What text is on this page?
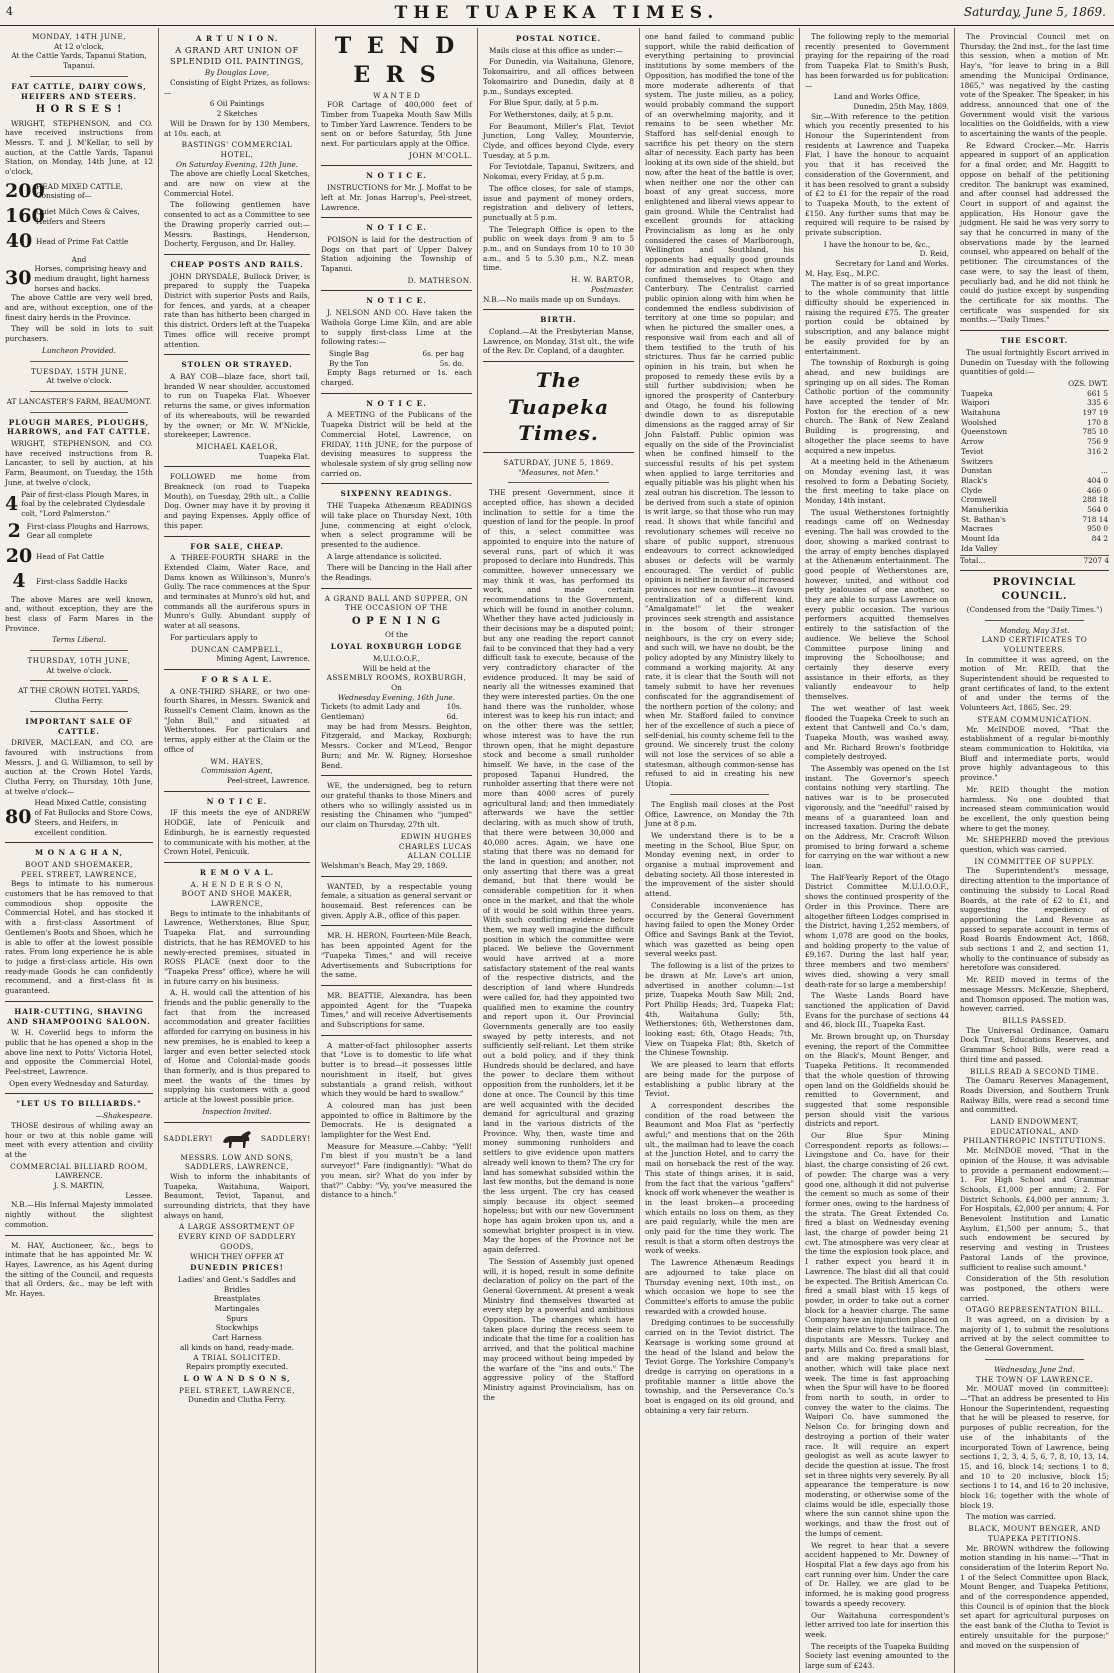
4	THE TUAPEKA TIMES.	Saturday, June 5, 1869.
MONDAY, 14TH JUNE,
At 12 o'clock,
At the Cattle Yards, Tapanui Station, Tapanui.
FAT CATTLE, DAIRY COWS, HEIFERS AND STEERS.
H O R S E S !
WRIGHT, STEPHENSON, and CO. have received instructions from Messrs. T. and J. M'Kellar, to sell by auction, at the Cattle Yards, Tapanui Station, on Monday, 14th June, at 12 o'clock,
200
HEAD MIXED CATTLE, Consisting of—
160
Quiet Milch Cows & Calves, Heifers and Steers
40 Head of Prime Fat Cattle
And
30 Horses, comprising heavy and medium draught, light harness horses and hacks.
The above Cattle are very well bred, and are, without exception, one of the finest dairy herds in the Province.
They will be sold in lots to suit purchasers.
Luncheon Provided.
TUESDAY, 15TH JUNE,
At twelve o'clock.
AT LANCASTER'S FARM, BEAUMONT.
PLOUGH MARES, PLOUGHS, HARROWS, and FAT CATTLE.
WRIGHT, STEPHENSON, and CO. have received instructions from R. Lancaster, to sell by auction, at his Farm, Beaumont, on Tuesday, the 15th June, at twelve o'clock,
4 Pair of first-class Plough Mares, in foal by the celebrated Clydesdale colt, "Lord Palmerston."
2 First-class Ploughs and Harrows, Gear all complete
20 Head of Fat Cattle
4	First-class Saddle Hacks
The above Mares are well known, and, without exception, they are the best class of Farm Mares in the Province.
Terms Liberal.
THURSDAY, 10TH JUNE,
At twelve o'clock.
AT THE CROWN HOTEL YARDS, Clutha Ferry.
IMPORTANT SALE OF CATTLE.
DRIVER, MACLEAN, and CO. are favoured with instructions from Messrs. J. and G. Williamson, to sell by auction at the Crown Hotel Yards, Clutha Ferry, on Thursday, 10th June, at twelve o'clock—
80
Head Mixed Cattle, consisting of Fat Bullocks and Store Cows, Steers, and Heifers, in excellent condition.
M O N A G H A N,
BOOT AND SHOEMAKER,
PEEL STREET, LAWRENCE,
Begs to intimate to his numerous customers that he has removed to that commodious shop opposite the Commercial Hotel, and has stocked it with a first-class Assortment of Gentlemen's Boots and Shoes, which he is able to offer at the lowest possible rates. From long experience he is able to judge a first-class article. His own ready-made Goods he can confidently recommend, and a first-class fit is guaranteed.
HAIR-CUTTING, SHAVING AND SHAMPOOING SALOON.
W. H. Coverlid begs to inform the public that he has opened a shop in the above line next to Potts' Victoria Hotel, and opposite the Commercial Hotel, Peel-street, Lawrence.
Open every Wednesday and Saturday.
"LET US TO BILLIARDS."
—Shakespeare.
THOSE desirous of whiling away an hour or two at this noble game will meet with every attention and civility at the
COMMERCIAL BILLIARD ROOM,
LAWRENCE.
J. S. MARTIN,
Lessee.
N.B.—His Infernal Majesty immolated nightly without the slightest commotion.
M. HAY, Auctioneer, &c., begs to intimate that he has appointed Mr. W. Hayes, Lawrence, as his Agent during the sitting of the Council, and requests that all Orders, &c., may be left with Mr. Hayes.
A R T U N I O N.
A GRAND ART UNION OF SPLENDID OIL PAINTINGS,
By Douglas Love,
Consisting of Eight Prizes, as follows:—
6 Oil Paintings
2 Sketches
Will be Drawn for by 130 Members, at 10s. each, at
BASTINGS' COMMERCIAL HOTEL,
On Saturday Evening, 12th June.
The above are chiefly Local Sketches, and are now on view at the Commercial Hotel.
The following gentlemen have consented to act as a Committee to see the Drawing properly carried out:—Messrs. Bastings, Henderson, Docherty, Ferguson, and Dr. Halley.
CHEAP POSTS AND RAILS.
JOHN DRYSDALE, Bullock Driver, is prepared to supply the Tuapeka District with superior Posts and Rails, for fences, and yards, at a cheaper rate than has hitherto been charged in this district. Orders left at the Tuapeka Times office will receive prompt attention.
STOLEN OR STRAYED.
A BAY COB—blaze face, short tail, branded W near shoulder, accustomed to run on Tuapeka Flat. Whoever returns the same, or gives information of its whereabouts, will be rewarded by the owner; or Mr. W. M'Nickle, storekeeper, Lawrence.
MICHAEL KAELOR,
Tuapeka Flat.
FOLLOWED me home from Breakneck (on road to Tuapeka Mouth), on Tuesday, 29th ult., a Collie Dog. Owner may have it by proving it and paying Expenses. Apply office of this paper.
FOR SALE, CHEAP.
A THREE-FOURTH SHARE in the Extended Claim, Water Race, and Dams known as Wilkinson's, Munro's Gully. The race commences at the Spur and terminates at Munro's old hut, and commands all the auriferous spurs in Munro's Gully. Abundant supply of water at all seasons.
For particulars apply to
DUNCAN CAMPBELL,
Mining Agent, Lawrence.
F O R S A L E.
A ONE-THIRD SHARE, or two one-fourth Shares, in Messrs. Swanick and Russell's Cement Claim, known as the "John Bull," and situated at Wetherstones. For particulars and terms, apply either at the Claim or the office of
WM. HAYES,
Commission Agent,
Peel-street, Lawrence.
N O T I C E.
IF this meets the eye of ANDREW HODGE, late of Penicuik and Edinburgh, he is earnestly requested to communicate with his mother, at the Crown Hotel, Penicuik.
R E M O V A L.
A. H E N D E R S O N,
BOOT AND SHOE MAKER,
LAWRENCE,
Begs to intimate to the inhabitants of Lawrence, Wetherstones, Blue Spur, Tuapeka Flat, and surrounding districts, that he has REMOVED to his newly-erected premises, situated in ROSS PLACE (next door to the "Tuapeka Press" office), where he will in future carry on his business.
A. H. would call the attention of his friends and the public generally to the fact that from the increased accommodation and greater facilities afforded for carrying on business in his new premises, he is enabled to keep a larger and even better selected stock of Home and Colonial-made goods than formerly, and is thus prepared to meet the wants of the times by supplying his customers with a good article at the lowest possible price.
Inspection Invited.
SADDLERY!	SADDLERY!
MESSRS. LOW AND SONS, SADDLERS, LAWRENCE,
Wish to inform the inhabitants of Tuapeka, Waitahuna, Waipori, Beaumont, Teviot, Tapanui, and surrounding districts, that they have always on hand,
A LARGE ASSORTMENT OF EVERY KIND OF SADDLERY GOODS,
WHICH THEY OFFER AT
DUNEDIN PRICES!
Ladies' and Gent.'s Saddles and Bridles
Breastplates
Martingales
Spurs
Stockwhips
Cart Harness
all kinds on hand, ready-made.
A TRIAL SOLICITED.
Repairs promptly executed.
L O W A N D S O N S,
PEEL STREET, LAWRENCE,
Dunedin and Clutha Ferry.
T E N D E R S
W A N T E D
FOR Cartage of 400,000 feet of Timber from Tuapeka Mouth Saw Mills to Timber Yard Lawrence. Tenders to be sent on or before Saturday, 5th June next. For particulars apply at the Office.
JOHN M'COLL.
N O T I C E.
INSTRUCTIONS for Mr. J. Moffat to be left at Mr. Jonas Harrop's, Peel-street, Lawrence.
N O T I C E.
POISON is laid for the destruction of Dogs on that part of Upper Dalvey Station adjoining the Township of Tapanui.
D. MATHESON.
N O T I C E.
J. NELSON AND CO. Have taken the Waihola Gorge Lime Kiln, and are able to supply first-class Lime at the following rates:—
Single Bag	6s. per bag
By the Ton	5s. do.
Empty Bags returned or 1s. each charged.
N O T I C E.
A MEETING of the Publicans of the Tuapeka District will be held at the Commercial Hotel, Lawrence, on FRIDAY, 11th JUNE, for the purpose of devising measures to suppress the wholesale system of sly grog selling now carried on.
SIXPENNY READINGS.
THE Tuapeka Athenæum READINGS will take place on Thursday Next, 10th June, commencing at eight o'clock, when a select programme will be presented to the audience.
A large attendance is solicited.
There will be Dancing in the Hall after the Readings.
A GRAND BALL AND SUPPER, ON THE OCCASION OF THE
O P E N I N G
Of the
LOYAL ROXBURGH LODGE
M.U.I.O.O.F.,
Will be held at the
ASSEMBLY ROOMS, ROXBURGH,
On
Wednesday Evening, 16th June.
Tickets (to admit Lady and Gentleman)
10s. 6d.
may be had from Messrs. Beighton, Fitzgerald, and Mackay, Roxburgh; Messrs. Cocker and M'Leod, Bengor Burn; and Mr. W. Rigney, Horseshoe Bend.
WE, the undersigned, beg to return our grateful thanks to those Miners and others who so willingly assisted us in resisting the Chinamen who "jumped" our claim on Thursday, 27th ult.
EDWIN HUGHES
CHARLES LUCAS
ALLAN COLLIE
Welshman's Beach, May 29, 1869.
WANTED, by a respectable young female, a situation as general servant or housemaid. Best references can be given. Apply A.B., office of this paper.
MR. H. HERON, Fourteen-Mile Beach, has been appointed Agent for the "Tuapeka Times," and will receive Advertisements and Subscriptions for the same.
MR. BEATTIE, Alexandra, has been appointed Agent for the "Tuapeka Times," and will receive Advertisements and Subscriptions for same.
A matter-of-fact philosopher asserts that "Love is to domestic to life what butter is to bread—it possesses little nourishment in itself, but gives substantials a grand relish, without which they would be hard to swallow."
A coloured man has just been appointed to office in Baltimore by the Democrats. He is designated a lamplighter for the West End.
Measure for Measure.—Cabby: "Yell! I'm blest if you mustn't be a land surveyor!" Fare (indignantly): "What do you mean, sir? What do you infer by that?" Cabby: "Vy, you've measured the distance to a hinch."
POSTAL NOTICE.
Mails close at this office as under:—
For Dunedin, via Waitahuna, Glenore, Tokomairiro, and all offices between Tokomairiro and Dunedin, daily at 8 p.m., Sundays excepted.
For Blue Spur, daily, at 5 p.m.
For Wetherstones, daily, at 5 p.m.
For Beaumont, Miller's Flat, Teviot Junction, Long Valley, Mountervie, Clyde, and offices beyond Clyde, every Tuesday, at 5 p.m.
For Teviotdale, Tapanui, Switzers, and Nokomai, every Friday, at 5 p.m.
The office closes, for sale of stamps, issue and payment of money orders, registration and delivery of letters, punctually at 5 p.m.
The Telegraph Office is open to the public on week days from 9 am to 5 p.m., and on Sundays from 10 to 10 30 a.m., and 5 to 5.30 p.m., N.Z. mean time.
H. W. BARTOR,
Postmaster.
N.B.—No mails made up on Sundays.
BIRTH.
Copland.—At the Presbyterian Manse, Lawrence, on Monday, 31st ult., the wife of the Rev. Dr. Copland, of a daughter.
The Tuapeka Times.
SATURDAY, JUNE 5, 1869.
"Measures, not Men."
THE present Government, since it accepted office, has shown a decided inclination to settle for a time the question of land for the people. In proof of this, a select committee was appointed to enquire into the nature of several runs, part of which it was proposed to declare into Hundreds. This committee, however unnecessary we may think it was, has performed its work, and made certain recommendations to the Government, which will be found in another column. Whether they have acted judiciously in their decisions may be a disputed point; but any one reading the report cannot fail to be convinced that they had a very difficult task to execute, because of the very contradictory character of the evidence produced. It may be said of nearly all the witnesses examined that they were interested parties. On the one hand there was the runholder, whose interest was to keep his run intact; and on the other there was the settler, whose interest was to have the run thrown open, that he might depasture stock and become a small runholder himself. We have, in the case of the proposed Tapanui Hundred, the runholder asserting that there were not more than 4000 acres of purely agricultural land; and then immediately afterwards we have the settler declaring, with as much show of truth, that there were between 30,000 and 40,000 acres. Again, we have one stating that there was no demand for the land in question; and another, not only asserting that there was a great demand, but that there would be considerable competition for it when once in the market, and that the whole of it would be sold within three years. With such conflicting evidence before them, we may well imagine the difficult position in which the committee were placed. We believe the Government would have arrived at a more satisfactory statement of the real wants of the respective districts, and the description of land where Hundreds were called for, had they appointed two qualified men to examine the country and report upon it. Our Provincial Governments generally are too easily swayed by petty interests, and not sufficiently self-reliant. Let them strike out a bold policy, and if they think Hundreds should be declared, and have the power to declare them without opposition from the runholders, let it be done at once. The Council by this time are well acquainted with the decided demand for agricultural and grazing land in the various districts of the Province. Why, then, waste time and money summoning runholders and settlers to give evidence upon matters already well known to them? The cry for land has somewhat subsided within the last few months, but the demand is none the less urgent. The cry has ceased simply because its object seemed hopeless; but with our new Government hope has again broken upon us, and a somewhat brighter prospect is in view. May the hopes of the Province not be again deferred.
The Session of Assembly just opened will, it is hoped, result in some definite declaration of policy on the part of the General Government. At present a weak Ministry find themselves thwarted at every step by a powerful and ambitious Opposition. The changes which have taken place during the recess seem to indicate that the time for a coalition has arrived, and that the political machine may proceed without being impeded by the warfare of the "ins and outs." The aggressive policy of the Stafford Ministry against Provincialism, has on the
one hand failed to command public support, while the rabid deification of everything pertaining to provincial institutions by some members of the Opposition, has modified the tone of the more moderate adherents of that system. The juste milieu, as a policy, would probably command the support of an overwhelming majority, and it remains to be seen whether Mr. Stafford has self-denial enough to sacrifice his pet theory on the stern altar of necessity. Each party has been looking at its own side of the shield, but now, after the heat of the battle is over, when neither one nor the other can boast of any great success, more enlightened and liberal views appear to gain ground. While the Centralist had excellent grounds for attacking Provincialism as long as he only considered the cases of Marlborough, Wellington and Southland, his opponents had equally good grounds for admiration and respect when they confined themselves to Otago and Canterbury. The Centralist carried public opinion along with him when he condemned the endless subdivision of territory at one time so popular; and when he pictured the smaller ones, a responsive wail from each and all of them testified to the truth of his strictures. Thus far he carried public opinion in his train, but when he proposed to remedy these evils by a still further subdivision; when he ignored the prosperity of Canterbury and Otago, he found his following dwindle down to as disreputable dimensions as the ragged array of Sir John Falstaff. Public opinion was equally on the side of the Provincialist when he confined himself to the successful results of his pet system when applied to large territories and equally pitiable was his plight when his zeal outran his discretion. The lesson to be derived from such a state of opinion is writ large, so that those who run may read. It shows that while fanciful and revolutionary schemes will receive no share of public support, strenuous endeavours to correct acknowledged abuses or defects will be warmly encouraged. The verdict of public opinion is neither in favour of increased provinces nor new counties—it favours centralization of a different kind. "Amalgamate!" let the weaker provinces seek strength and assistance in the bosom of their stronger neighbours, is the cry on every side; and such will, we have no doubt, be the policy adopted by any Ministry likely to command a working majority. At any rate, it is clear that the South will not tamely submit to have her revenues confiscated for the aggrandisement of the northern portion of the colony; and when Mr. Stafford failed to convince her of the excellence of such a piece of self-denial, his county scheme fell to the ground. We sincerely trust the colony will not lose the services of so able a statesman, although common-sense has refused to aid in creating his new Utopia.
The English mail closes at the Post Office, Lawrence, on Monday the 7th June at 8 p.m.
We understand there is to be a meeting in the School, Blue Spur, on Monday evening next, in order to organise a mutual improvement and debating society. All those interested in the improvement of the sister should attend.
Considerable inconvenience has occurred by the General Government having failed to open the Money Order Office and Savings Bank at the Teviot, which was gazetted as being open several weeks past.
The following is a list of the prizes to be drawn at Mr. Love's art union, advertised in another column:—1st prize, Tuapeka Mouth Saw Mill; 2nd, Port Phillip Heads; 3rd, Tuapeka Flat; 4th, Waitahuna Gully; 5th, Wetherstones; 6th, Wetherstones dam, looking east; 6th, Otago Heads; 7th, View on Tuapeka Flat; 8th, Sketch of the Chinese Township.
We are pleased to learn that efforts are being made for the purpose of establishing a public library at the Teviot.
A correspondent describes the condition of the road between the Beaumont and Moa Flat as "perfectly awful;" and mentions that on the 26th ult., the mailman had to leave the coach at the Junction Hotel, and to carry the mail on horseback the rest of the way. This state of things arises, it is said, from the fact that the various "gaffers" knock off work whenever the weather is in the least broken—a proceeding which entails no loss on them, as they are paid regularly, while the men are only paid for the time they work. The result is that a storm often destroys the work of weeks.
The Lawrence Athenæum Readings are adjourned to take place on Thursday evening next, 10th inst., on which occasion we hope to see the Committee's efforts to amuse the public rewarded with a crowded house.
Dredging continues to be successfully carried on in the Teviot district. The Kearsage is working some ground at the head of the Island and below the Teviot Gorge. The Yorkshire Company's dredge is carrying on operations in a profitable manner a little above the township, and the Perseverance Co.'s boat is engaged on its old ground, and obtaining a very fair return.
The following reply to the memorial recently presented to Government praying for the repairing of the road from Tuapeka Flat to Smith's Bush, has been forwarded us for publication:—
Land and Works Office,
Dunedin, 25th May, 1869.
Sir,—With reference to the petition which you recently presented to his Honour the Superintendent from residents at Lawrence and Tuapeka Flat, I have the honour to acquaint you that it has received the consideration of the Government, and it has been resolved to grant a subsidy of £2 to £1 for the repair of the road to Tuapeka Mouth, to the extent of £150. Any further sums that may be required will require to be raised by private subscription.
I have the honour to be, &c.,
D. Reid,
Secretary for Land and Works.
M. Hay, Esq., M.P.C.
The matter is of so great importance to the whole community that little difficulty should be experienced in raising the required £75. The greater portion could be obtained by subscription, and any balance might be easily provided for by an entertainment.
The township of Roxburgh is going ahead, and new buildings are springing up on all sides. The Roman Catholic portion of the community have accepted the tender of Mr. Poxton for the erection of a new church. The Bank of New Zealand Building is progressing, and altogether the place seems to have acquired a new impetus.
At a meeting held in the Athenæum on Monday evening last, it was resolved to form a Debating Society, the first meeting to take place on Monday, 14th instant.
The usual Wetherstones fortnightly readings came off on Wednesday evening. The hall was crowded to the door, showing a marked contrast to the array of empty benches displayed at the Athenæum entertainment. The good people of Wetherstones are, however, united, and without cod petty jealousies of one another, so they are able to surpass Lawrence on every public occasion. The various performers acquitted themselves entirely to the satisfaction of the audience. We believe the School Committee purpose lining and improving the Schoolhouse; and certainly they deserve every assistance in their efforts, as they valiantly endeavour to help themselves.
The wet weather of last week flooded the Tuapeka Creek to such an extent that Cantwell and Co.'s dam, Tuapeka Mouth, was washed away, and Mr. Richard Brown's footbridge completely destroyed.
The Assembly was opened on the 1st instant. The Governor's speech contains nothing very startling. The natives war is to be prosecuted vigorously, and the "needful" raised by means of a guaranteed loan and increased taxation. During the debate on the Address, Mr. Cracroft Wilson promised to bring forward a scheme for carrying on the war without a new loan.
The Half-Yearly Report of the Otago District Committee M.U.I.O.O.F., shows the continued prosperity of the Order in this Province. There are altogether fifteen Lodges comprised in the District, having 1,252 members, of whom 1,078 are good on the books, and holding property to the value of £9,167. During the last half year, three members and two members' wives died, showing a very small death-rate for so large a membership!
The Waste Lands Board have sanctioned the application of David Evans for the purchase of sections 44 and 46, block III., Tuapeka East.
Mr. Brown brought up, on Thursday evening, the report of the Committee on the Black's, Mount Benger, and Tuapeka Petitions. It recommended that the whole question of throwing open land on the Goldfields should be remitted to Government, and suggested that some responsible person should visit the various districts and report.
Our Blue Spur Mining Correspondent reports as follows:—Livingstone and Co. have for their blast, the charge consisting of 26 cwt. of powder. The charge was a very good one, although it did not pulverise the cement so much as some of their former ones, owing to the hardness of the strata. The Great Extended Co. fired a blast on Wednesday evening last, the charge of powder being 21 cwt. The atmosphere was very clear at the time the explosion took place, and I rather expect you heard it in Lawrence. The blast did all that could be expected. The British American Co. fired a small blast with 15 kegs of powder, in order to take out a corner block for a heavier charge. The same Company have an injunction placed on their claim relative to the tailrace. The disputants are Messrs. Tuckey and party. Mills and Co. fired a small blast, and are making preparations for another, which will take place next week. The time is fast approaching when the Spur will have to be floored from north to south, in order to convey the water to the claims. The Waipori Co. have summoned the Nelson Co. for bringing down and destroying a portion of their water race. It will require an expert geologist as well as acute lawyer to decide the question at issue. The frost set in three nights very severely. By all appearance the temperature is now moderating, or otherwise some of the claims would be idle, especially those where the sun cannot shine upon the workings, and thaw the frost out of the lumps of cement.
We regret to hear that a severe accident happened to Mr. Downey of Hospital Flat a few days ago from his cart running over him. Under the care of Dr. Halley, we are glad to be informed, he is making good progress towards a speedy recovery.
Our Waitahuna correspondent's letter arrived too late for insertion this week.
The receipts of the Tuapeka Building Society last evening amounted to the large sum of £243.
The Provincial Council met on Thursday, the 2nd inst., for the last time this session, when a motion of Mr. Hay's, "for leave to bring in a Bill amending the Municipal Ordinance, 1865," was negatived by the casting vote of the Speaker. The Speaker, in his address, announced that one of the Government would visit the various localities on the Goldfields, with a view to ascertaining the wants of the people.
Re Edward Crocker.—Mr. Harris appeared in support of an application for a final order, and Mr. Haggitt to oppose on behalf of the petitioning creditor. The bankrupt was examined, and after counsel had addressed the Court in support of and against the application, His Honour gave the judgment. He said he was very sorry to say that he concurred in many of the observations made by the learned counsel, who appeared on behalf of the petitioner. The circumstances of the case were, to say the least of them, peculiarly bad, and he did not think he could do justice except by suspending the certificate for six months. The certificate was suspended for six months.—"Daily Times."
THE ESCORT.
The usual fortnightly Escort arrived in Dunedin on Tuesday with the following quantities of gold:—
	OZS. DWT.
Tuapeka	661 5
Waipori	335 6
Waitahuna	197 19
Woolshed	170 8
Queenstown	785 10
Arrow	756 9
Teviot	316 2
Switzers	
Dunstan	...
Black's	404 0
Clyde	466 0
Cromwell	288 18
Manuherikia	564 0
St. Bathan's	718 14
Macraes	950 0
Mount Ida	84 2
Ida Valley	
Total...	7207 4
PROVINCIAL COUNCIL.
(Condensed from the "Daily Times.")
Monday, May 31st.
LAND CERTIFICATES TO VOLUNTEERS.
In committee it was agreed, on the motion of Mr. REID, that the Superintendent should be requested to grant certificates of land, to the extent of and under the terms of the Volunteers Act, 1865, Sec. 29.
STEAM COMMUNICATION.
Mr. McINDOE moved, "That the establishment of a regular bi-monthly steam communication to Hokitika, via Bluff and intermediate ports, would prove highly advantageous to this province."
Mr. REID thought the motion harmless. No one doubted that increased steam communication would be excellent, the only question being where to get the money.
Mr. SHEPHERD moved the previous question, which was carried.
IN COMMITTEE OF SUPPLY.
The Superintendent's message, directing attention to the importance of continuing the subsidy to Local Road Boards, at the rate of £2 to £1, and suggesting the expediency of apportioning the Land Revenue as passed to separate account in terms of Road Boards Endowment Act, 1868, sub sections 1 and 2, and section 11, wholly to the continuance of subsidy as heretofore was considered.
Mr. REID moved in terms of the message Messrs. McKenzie, Shepherd, and Thomson opposed. The motion was, however, carried.
BILLS PASSED.
The Universal Ordinance, Oamaru Dock Trust, Educations Reserves, and Grammar School Bills, were read a third time and passed.
BILLS READ A SECOND TIME.
The Oamaru Reserves Management, Roads Diversion, and Southern Trunk Railway Bills, were read a second time and committed.
LAND ENDOWMENT, EDUCATIONAL, AND PHILANTHROPIC INSTITUTIONS.
Mr. McINDOE moved, "That in the opinion of the House, it was advisable to provide a permanent endowment:—1. For High School and Grammar Schools, £1,000 per annum; 2. For District Schools, £4,000 per annum; 3. For Hospitals, £2,000 per annum; 4. For Benevolent Institution and Lunatic Asylum, £1,500 per annum; 5., that such endowment be secured by reserving and vesting in Trustees Pastoral Lands of the province, sufficient to realise such amount."
Consideration of the 5th resolution was postponed, the others were carried.
OTAGO REPRESENTATION BILL.
It was agreed, on a division by a majority of 1, to submit the resolutions arrived at by the select committee to the General Government.
Wednesday, June 2nd.
THE TOWN OF LAWRENCE.
Mr. MOUAT moved (in committee):—"That an address be presented to His Honour the Superintendent, requesting that he will be pleased to reserve, for purposes of public recreation, for the use of the inhabitants of the incorporated Town of Lawrence, being sections 1, 2, 3, 4, 5, 6, 7, 8, 10, 13, 14, 15, and 16, block 14; sections 1 to 8, and 10 to 20 inclusive, block 15; sections 1 to 14, and 16 to 20 inclusive, block 16; together with the whole of block 19.
The motion was carried.
BLACK, MOUNT BENGER, AND TUAPEKA PETITIONS.
Mr. BROWN withdrew the following motion standing in his name:—"That in consideration of the Interim Report No. 1 of the Select Committee upon Black, Mount Benger, and Tuapeka Petitions, and of the correspondence appended, this Council is of opinion that the block set apart for agricultural purposes on the east bank of the Clutha to Teviot is entirely unsuitable for the purpose;" and moved on the suspension of
